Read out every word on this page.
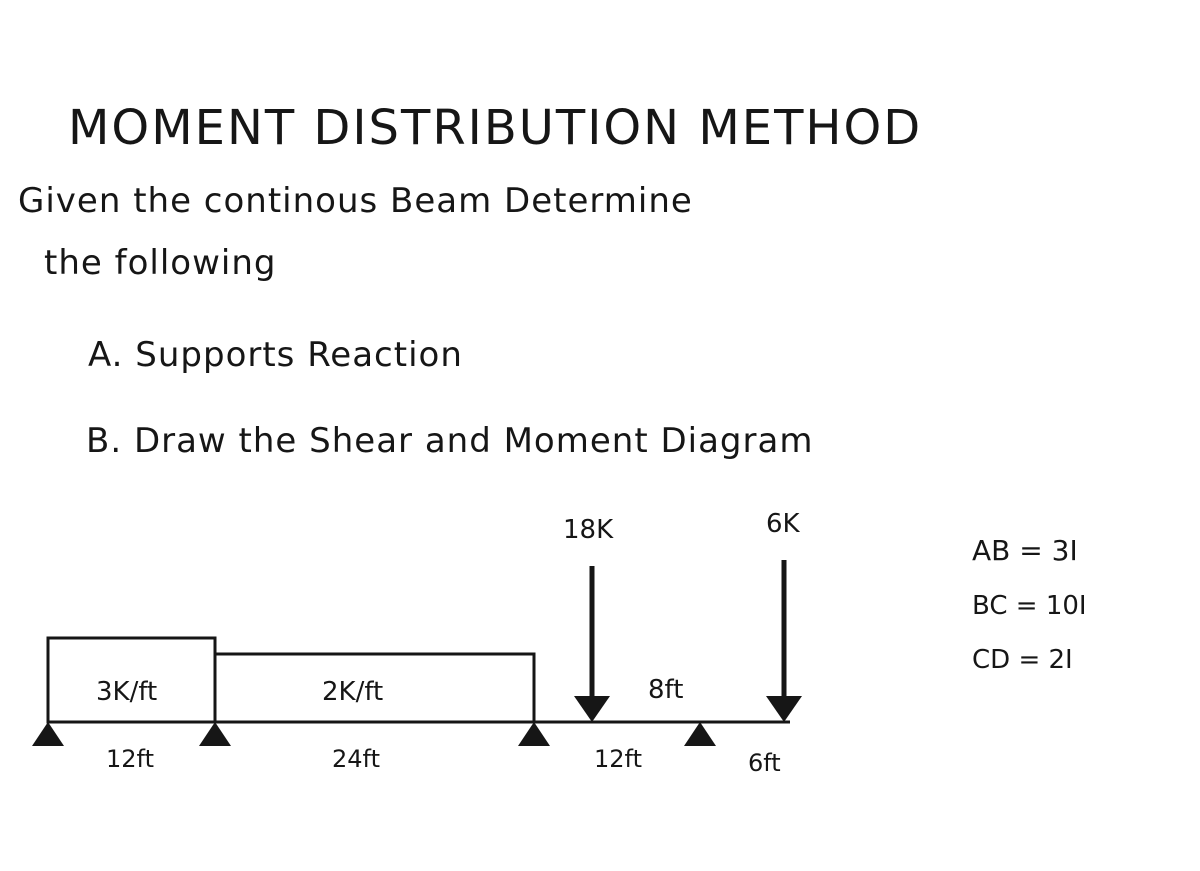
MOMENT DISTRIBUTION METHOD
Given the continous Beam Determine
the following
A. Supports Reaction
B. Draw the Shear and Moment Diagram
3K/ft	2K/ft
18K	6K
8ft
12ft	24ft	12ft	6ft
AB = 3I
BC = 10I
CD = 2I
